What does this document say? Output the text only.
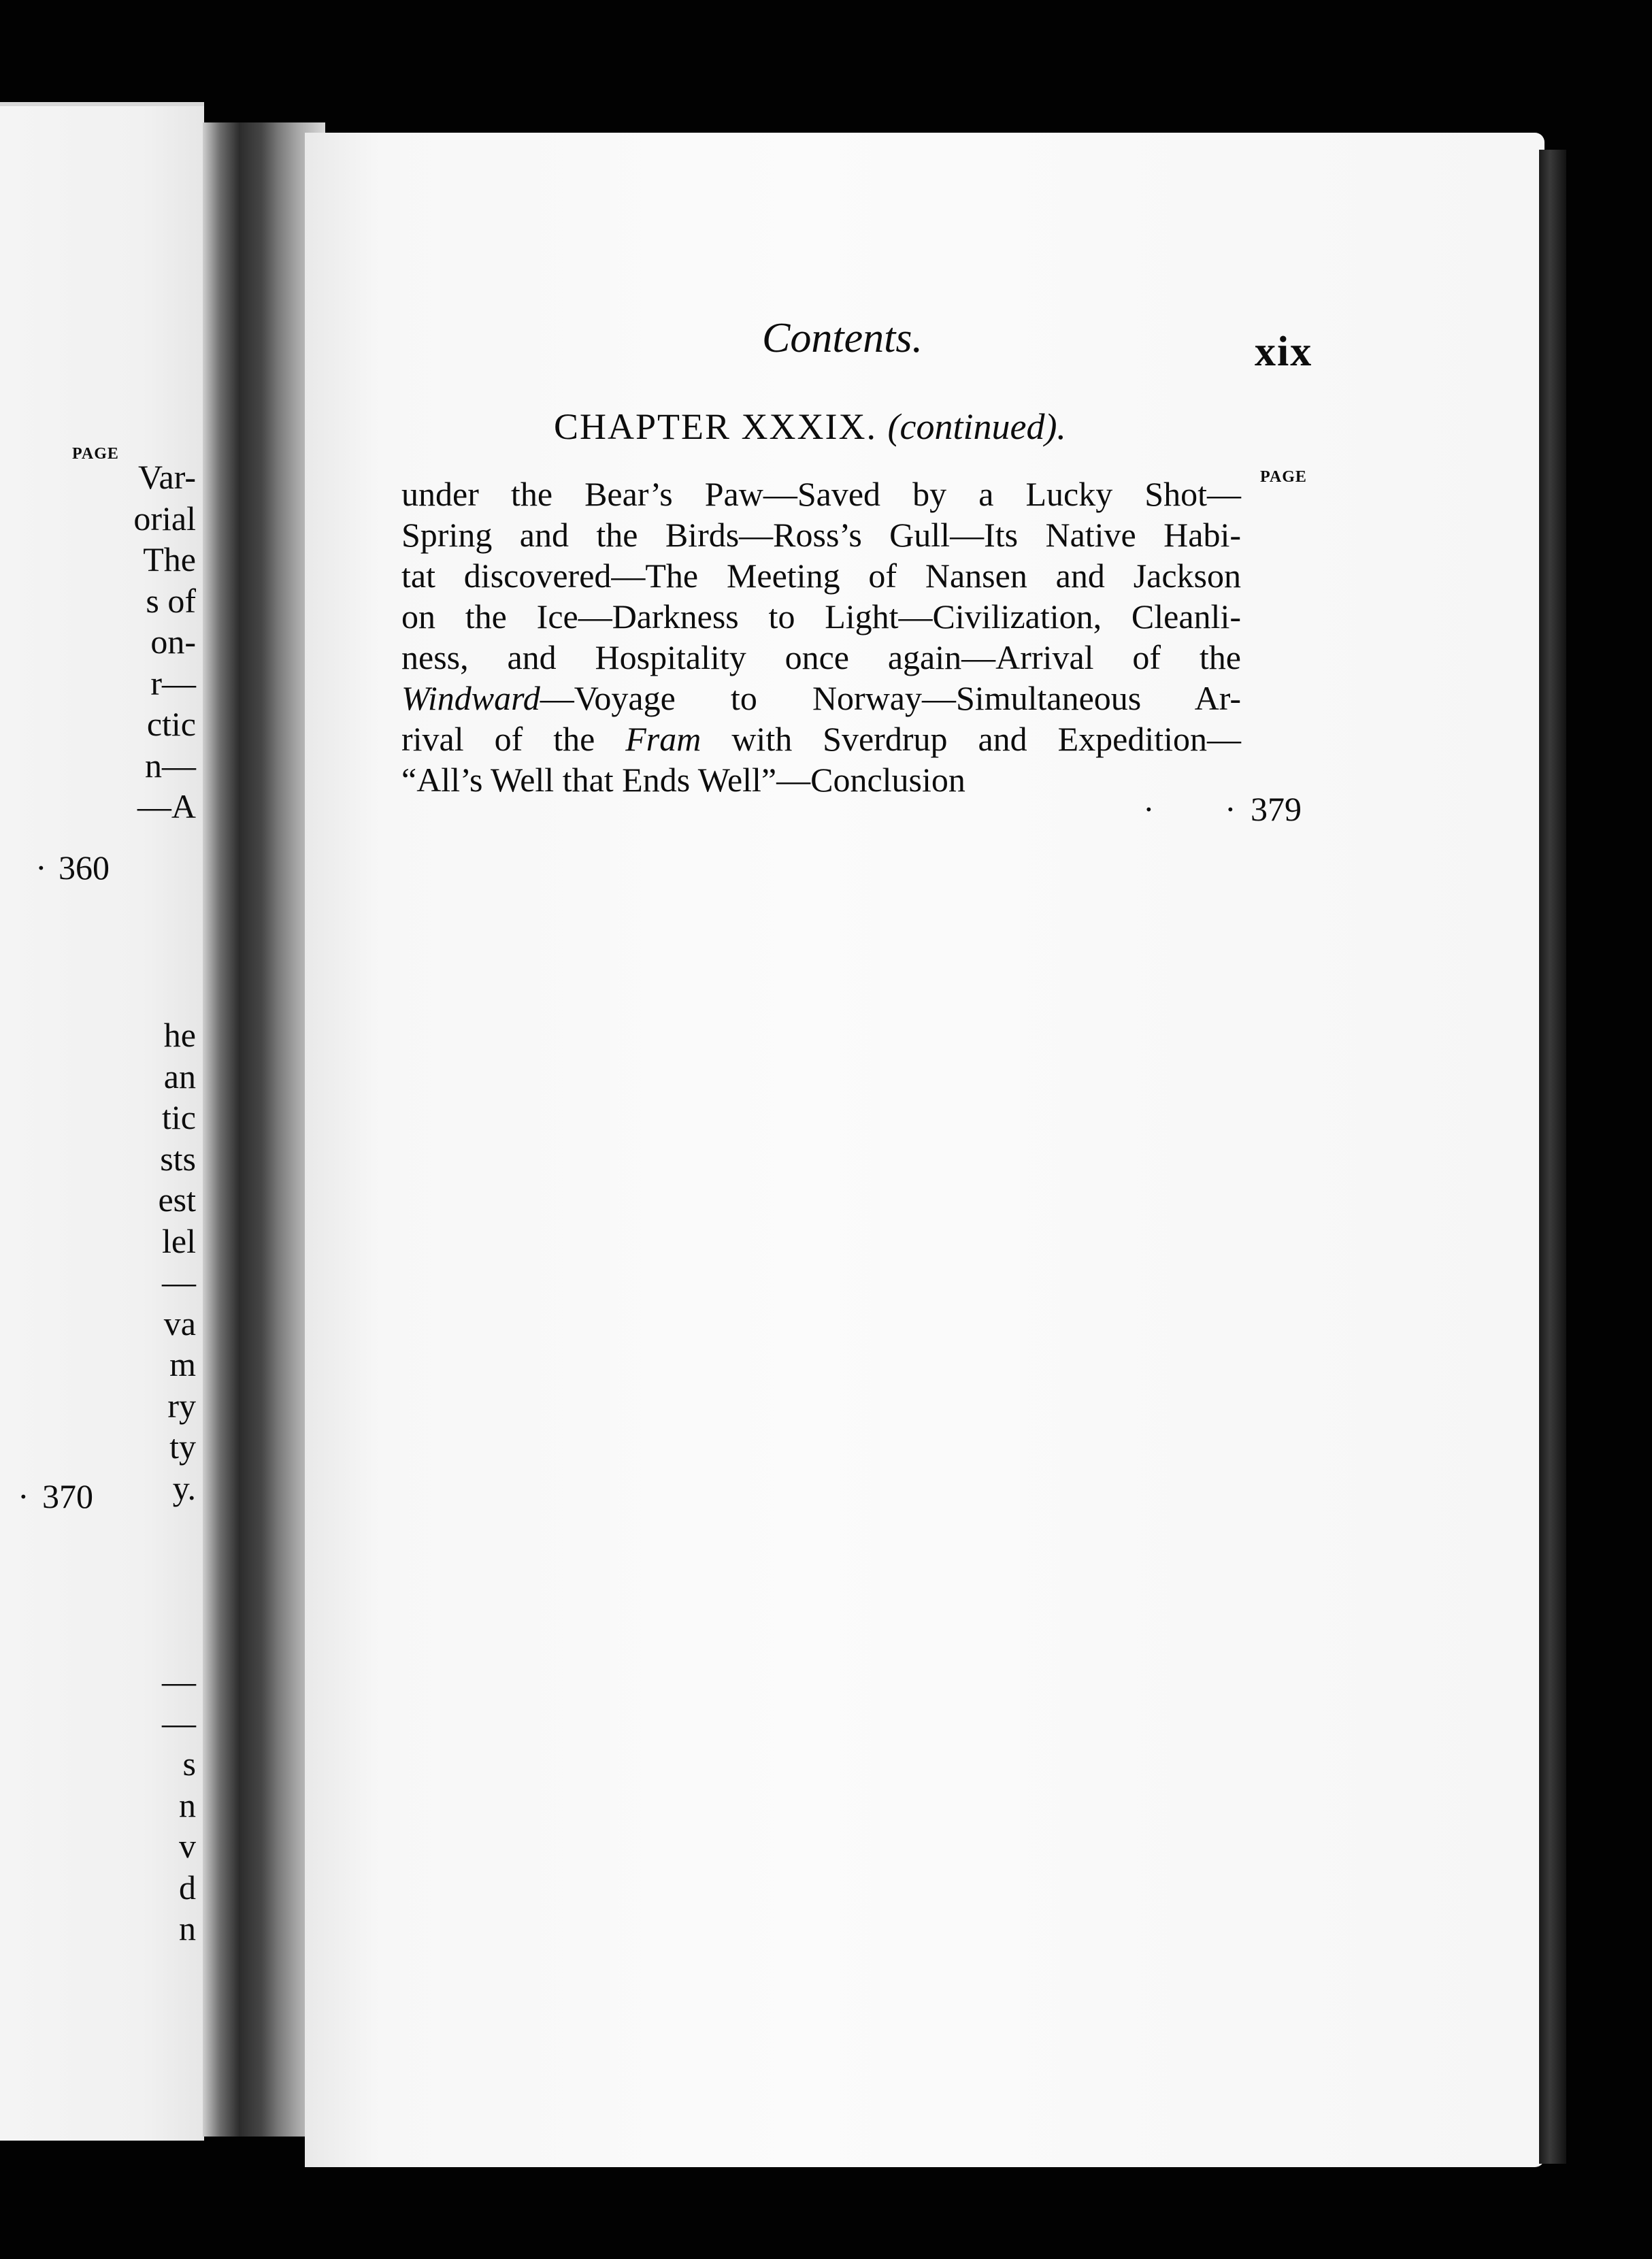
PAGE
Var-
orial
The
s of
on-
r—
ctic
n—
—A
he
an
tic
sts
est
lel
—
va
m
ry
ty
y.
—
—
s
n
v
d
n
· 360
· 370
Contents.	xix
CHAPTER XXXIX. (continued).
PAGE
under the Bear’s Paw—Saved by a Lucky Shot—
Spring and the Birds—Ross’s Gull—Its Native Habi-
tat discovered—The Meeting of Nansen and Jackson
on the Ice—Darkness to Light—Civilization, Cleanli-
ness, and Hospitality once again—Arrival of the
Windward—Voyage to Norway—Simultaneous Ar-
rival of the Fram with Sverdrup and Expedition—
“All’s Well that Ends Well”—Conclusion
· · 379
